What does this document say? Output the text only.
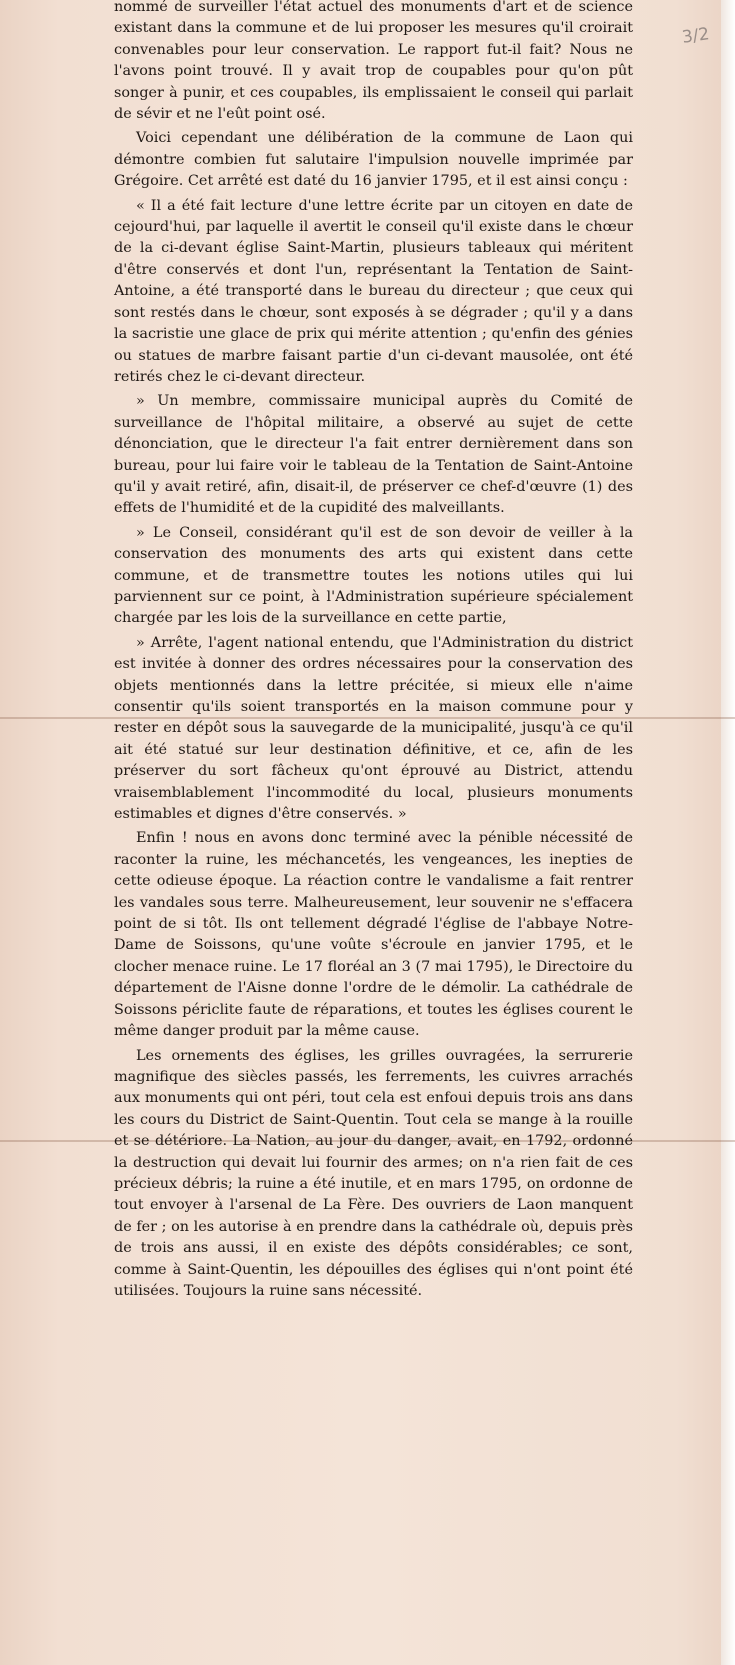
3/2

nommé de surveiller l'état actuel des monuments d'art et de science existant dans la commune et de lui proposer les mesures qu'il croirait convenables pour leur conservation. Le rapport fut-il fait? Nous ne l'avons point trouvé. Il y avait trop de coupables pour qu'on pût songer à punir, et ces coupables, ils emplissaient le conseil qui parlait de sévir et ne l'eût point osé.

Voici cependant une délibération de la commune de Laon qui démontre combien fut salutaire l'impulsion nouvelle imprimée par Grégoire. Cet arrêté est daté du 16 janvier 1795, et il est ainsi conçu :

« Il a été fait lecture d'une lettre écrite par un citoyen en date de cejourd'hui, par laquelle il avertit le conseil qu'il existe dans le chœur de la ci-devant église Saint-Martin, plusieurs tableaux qui méritent d'être conservés et dont l'un, représentant la Tentation de Saint-Antoine, a été transporté dans le bureau du directeur ; que ceux qui sont restés dans le chœur, sont exposés à se dégrader ; qu'il y a dans la sacristie une glace de prix qui mérite attention ; qu'enfin des génies ou statues de marbre faisant partie d'un ci-devant mausolée, ont été retirés chez le ci-devant directeur.

» Un membre, commissaire municipal auprès du Comité de surveillance de l'hôpital militaire, a observé au sujet de cette dénonciation, que le directeur l'a fait entrer dernièrement dans son bureau, pour lui faire voir le tableau de la Tentation de Saint-Antoine qu'il y avait retiré, afin, disait-il, de préserver ce chef-d'œuvre (1) des effets de l'humidité et de la cupidité des malveillants.

» Le Conseil, considérant qu'il est de son devoir de veiller à la conservation des monuments des arts qui existent dans cette commune, et de transmettre toutes les notions utiles qui lui parviennent sur ce point, à l'Administration supérieure spécialement chargée par les lois de la surveillance en cette partie,

» Arrête, l'agent national entendu, que l'Administration du district est invitée à donner des ordres nécessaires pour la conservation des objets mentionnés dans la lettre précitée, si mieux elle n'aime consentir qu'ils soient transportés en la maison commune pour y rester en dépôt sous la sauvegarde de la municipalité, jusqu'à ce qu'il ait été statué sur leur destination définitive, et ce, afin de les préserver du sort fâcheux qu'ont éprouvé au District, attendu vraisemblablement l'incommodité du local, plusieurs monuments estimables et dignes d'être conservés. »

Enfin ! nous en avons donc terminé avec la pénible nécessité de raconter la ruine, les méchancetés, les vengeances, les inepties de cette odieuse époque. La réaction contre le vandalisme a fait rentrer les vandales sous terre. Malheureusement, leur souvenir ne s'effacera point de si tôt. Ils ont tellement dégradé l'église de l'abbaye Notre-Dame de Soissons, qu'une voûte s'écroule en janvier 1795, et le clocher menace ruine. Le 17 floréal an 3 (7 mai 1795), le Directoire du département de l'Aisne donne l'ordre de le démolir. La cathédrale de Soissons périclite faute de réparations, et toutes les églises courent le même danger produit par la même cause.

Les ornements des églises, les grilles ouvragées, la serrurerie magnifique des siècles passés, les ferrements, les cuivres arrachés aux monuments qui ont péri, tout cela est enfoui depuis trois ans dans les cours du District de Saint-Quentin. Tout cela se mange à la rouille et se détériore. La Nation, au jour du danger, avait, en 1792, ordonné la destruction qui devait lui fournir des armes; on n'a rien fait de ces précieux débris; la ruine a été inutile, et en mars 1795, on ordonne de tout envoyer à l'arsenal de La Fère. Des ouvriers de Laon manquent de fer ; on les autorise à en prendre dans la cathédrale où, depuis près de trois ans aussi, il en existe des dépôts considérables; ce sont, comme à Saint-Quentin, les dépouilles des églises qui n'ont point été utilisées. Toujours la ruine sans nécessité.
